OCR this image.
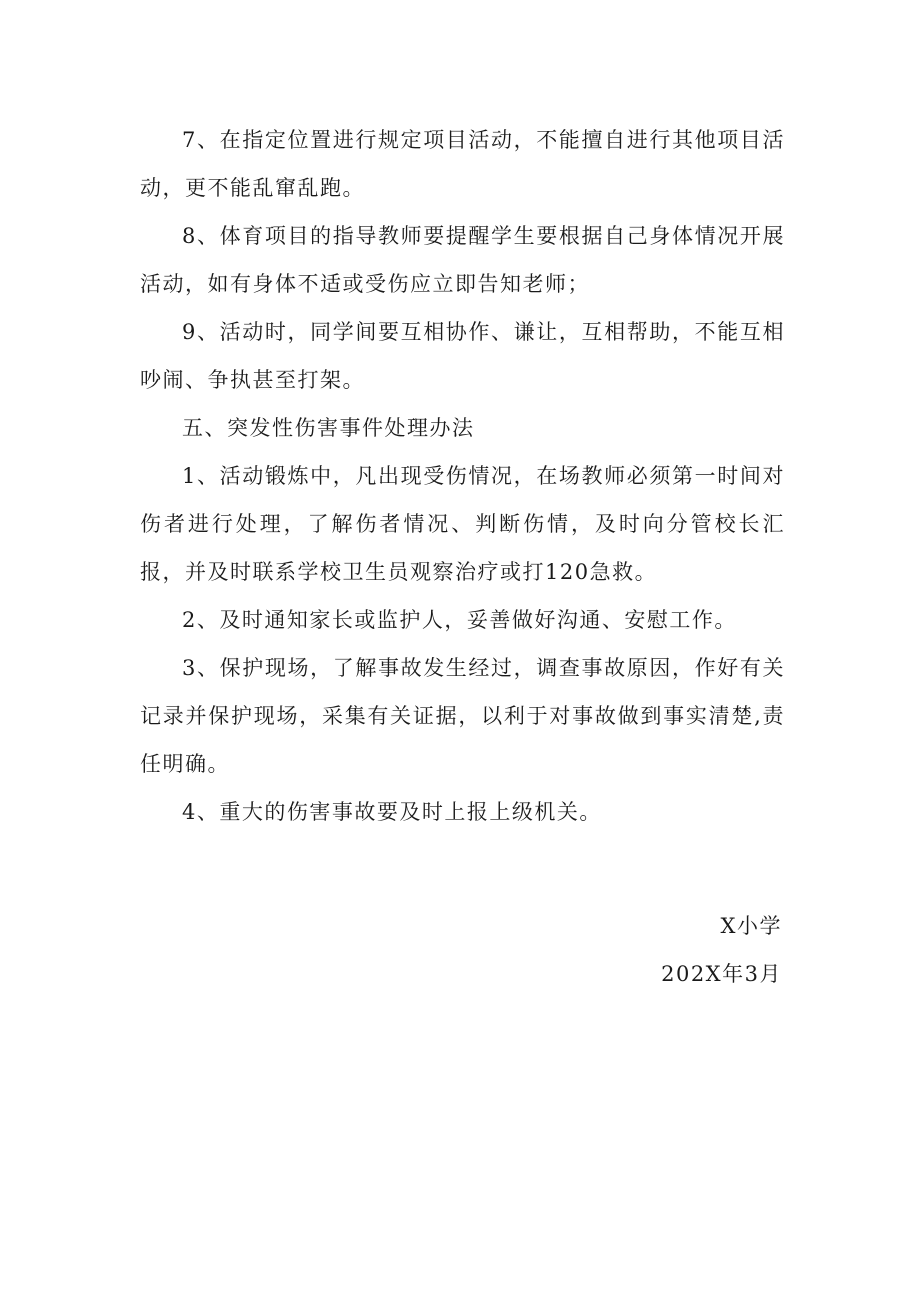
7、在指定位置进行规定项目活动，不能擅自进行其他项目活动，更不能乱窜乱跑。

8、体育项目的指导教师要提醒学生要根据自己身体情况开展活动，如有身体不适或受伤应立即告知老师；

9、活动时，同学间要互相协作、谦让，互相帮助，不能互相吵闹、争执甚至打架。

五、突发性伤害事件处理办法

1、活动锻炼中，凡出现受伤情况，在场教师必须第一时间对伤者进行处理，了解伤者情况、判断伤情，及时向分管校长汇报，并及时联系学校卫生员观察治疗或打120急救。

2、及时通知家长或监护人，妥善做好沟通、安慰工作。

3、保护现场，了解事故发生经过，调查事故原因，作好有关记录并保护现场，采集有关证据，以利于对事故做到事实清楚,责任明确。

4、重大的伤害事故要及时上报上级机关。

X小学

202X年3月
